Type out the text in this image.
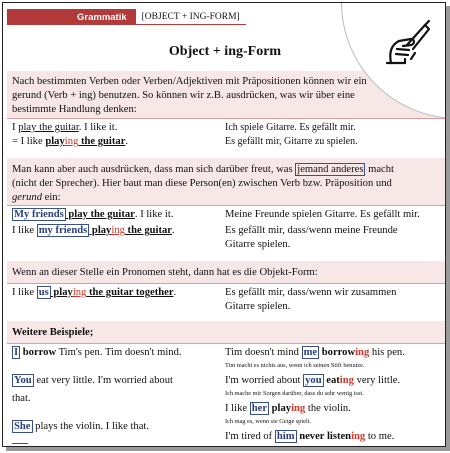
Grammatik	[OBJECT + ING-FORM]
Object + ing-Form
Nach bestimmten Verben oder Verben/Adjektiven mit Präpositionen können wir ein
gerund (Verb + ing) benutzen. So können wir z.B. ausdrücken, was wir über eine
bestimmte Handlung denken:
I play the guitar. I like it.
= I like playing the guitar.
Ich spiele Gitarre. Es gefällt mir.
Es gefällt mir, Gitarre zu spielen.
Man kann aber auch ausdrücken, dass man sich darüber freut, was jemand anderes macht
(nicht der Sprecher). Hier baut man diese Person(en) zwischen Verb bzw. Präposition und
gerund ein:
My friends play the guitar. I like it.
I like my friends playing the guitar.
Meine Freunde spielen Gitarre. Es gefällt mir.
Es gefällt mir, dass/wenn meine Freunde
Gitarre spielen.
Wenn an dieser Stelle ein Pronomen steht, dann hat es die Objekt-Form:
I like us playing the guitar together.	Es gefällt mir, dass/wenn wir zusammen
Gitarre spielen.
Weitere Beispiele;
I borrow Tim's pen. Tim doesn't mind.
You eat very little. I'm worried about
that.
She plays the violin. I like that.
Tim doesn't mind me borrowing his pen.
Tim macht es nichts aus, wenn ich seinen Stift benutze.
I'm worried about you eating very little.
Ich mache mir Sorgen darüber, dass du sehr wenig isst.
I like her playing the violin.
Ich mag es, wenn sie Geige spielt.
I'm tired of him never listening to me.
